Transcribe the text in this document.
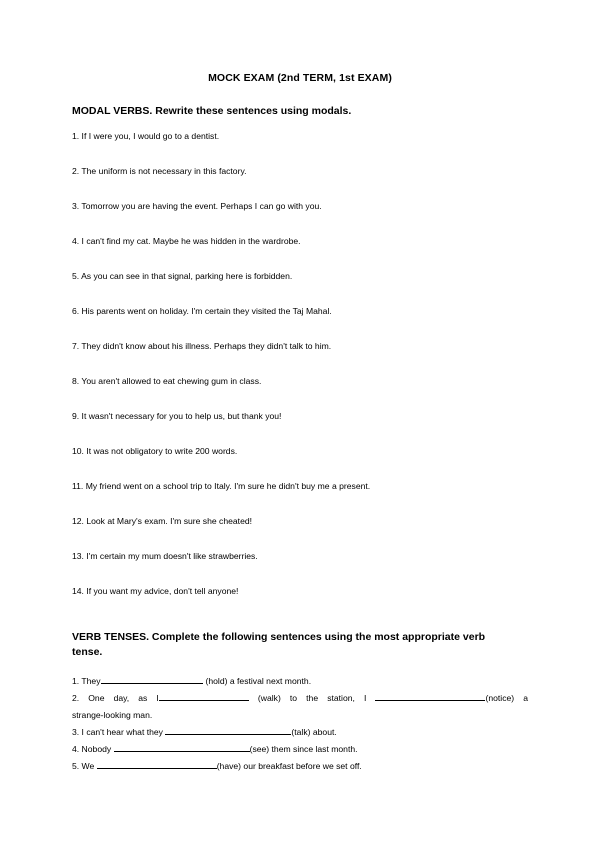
MOCK EXAM (2nd TERM, 1st EXAM)
MODAL VERBS. Rewrite these sentences using modals.
1. If I were you, I would go to a dentist.
2. The uniform is not necessary in this factory.
3. Tomorrow you are having the event. Perhaps I can go with you.
4. I can't find my cat. Maybe he was hidden in the wardrobe.
5. As you can see in that signal, parking here is forbidden.
6. His parents went on holiday. I'm certain they visited the Taj Mahal.
7. They didn't know about his illness. Perhaps they didn't talk to him.
8. You aren't allowed to eat chewing gum in class.
9. It wasn't necessary for you to help us, but thank you!
10. It was not obligatory to write 200 words.
11. My friend went on a school trip to Italy. I'm sure he didn't buy me a present.
12. Look at Mary's exam. I'm sure she cheated!
13. I'm certain my mum doesn't like strawberries.
14. If you want my advice, don't tell anyone!
VERB TENSES. Complete the following sentences using the most appropriate verb tense.
1. They	(hold) a festival next month.
2. One day, as I	(walk) to the station, I	(notice) a
strange-looking man.
3. I can't hear what they	(talk) about.
4. Nobody	(see) them since last month.
5. We	(have) our breakfast before we set off.
